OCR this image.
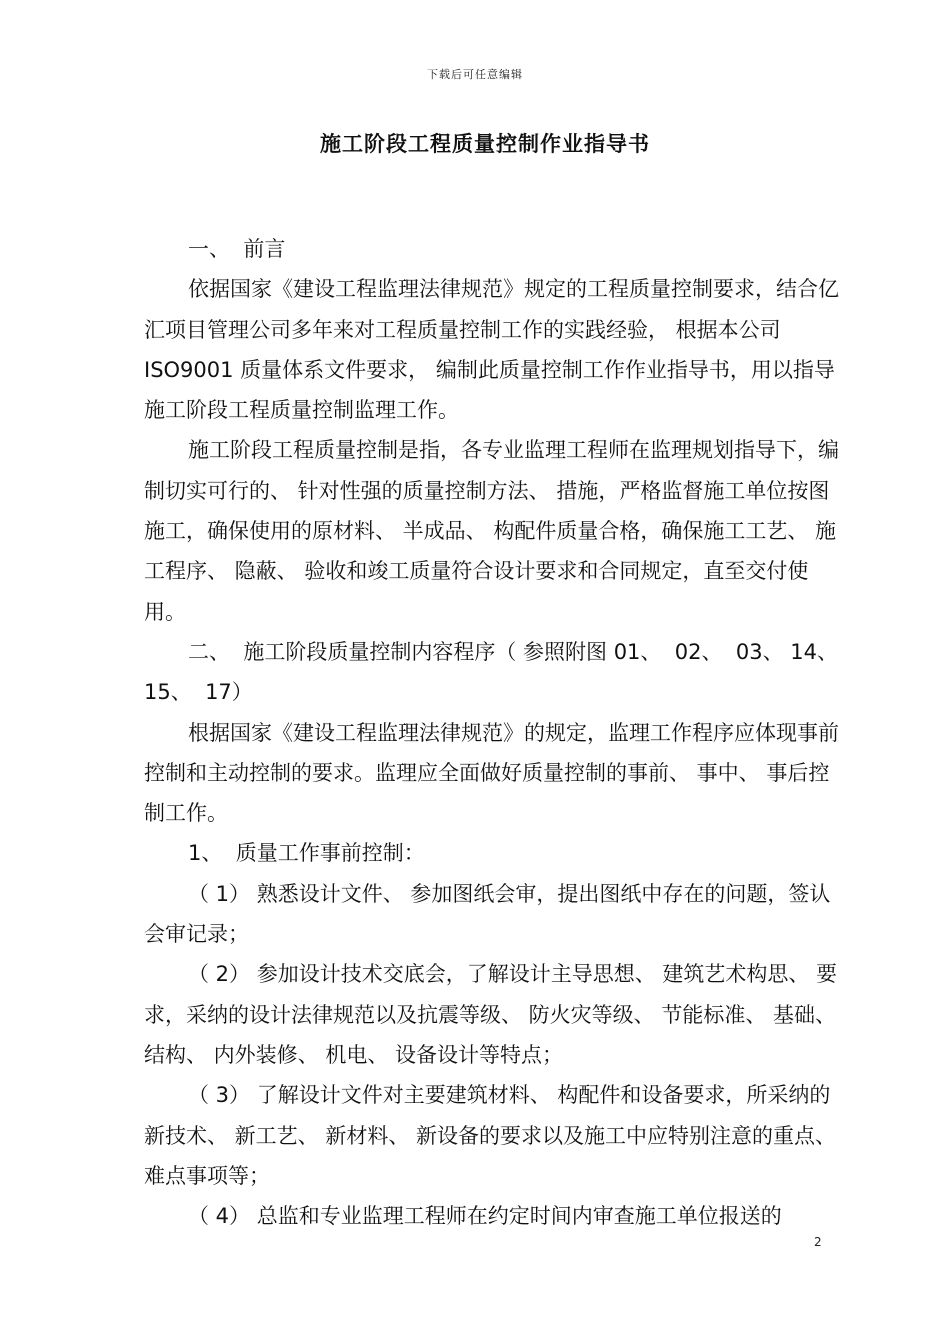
下载后可任意编辑
施工阶段工程质量控制作业指导书

一、  前言

依据国家《建设工程监理法律规范》规定的工程质量控制要求，结合亿汇项目管理公司多年来对工程质量控制工作的实践经验， 根据本公司 ISO9001 质量体系文件要求， 编制此质量控制工作作业指导书，用以指导施工阶段工程质量控制监理工作。

施工阶段工程质量控制是指，各专业监理工程师在监理规划指导下，编制切实可行的、 针对性强的质量控制方法、 措施，严格监督施工单位按图施工，确保使用的原材料、 半成品、 构配件质量合格，确保施工工艺、 施工程序、 隐蔽、 验收和竣工质量符合设计要求和合同规定，直至交付使用。

二、  施工阶段质量控制内容程序（ 参照附图 01、  02、  03、 14、  15、  17）

根据国家《建设工程监理法律规范》的规定，监理工作程序应体现事前控制和主动控制的要求。监理应全面做好质量控制的事前、 事中、 事后控制工作。

1、  质量工作事前控制：

（ 1） 熟悉设计文件、 参加图纸会审，提出图纸中存在的问题，签认会审记录；

（ 2） 参加设计技术交底会，了解设计主导思想、 建筑艺术构思、 要求，采纳的设计法律规范以及抗震等级、 防火灾等级、 节能标准、 基础、 结构、 内外装修、 机电、 设备设计等特点；

（ 3） 了解设计文件对主要建筑材料、 构配件和设备要求，所采纳的新技术、 新工艺、 新材料、 新设备的要求以及施工中应特别注意的重点、 难点事项等；

（ 4） 总监和专业监理工程师在约定时间内审查施工单位报送的

2
